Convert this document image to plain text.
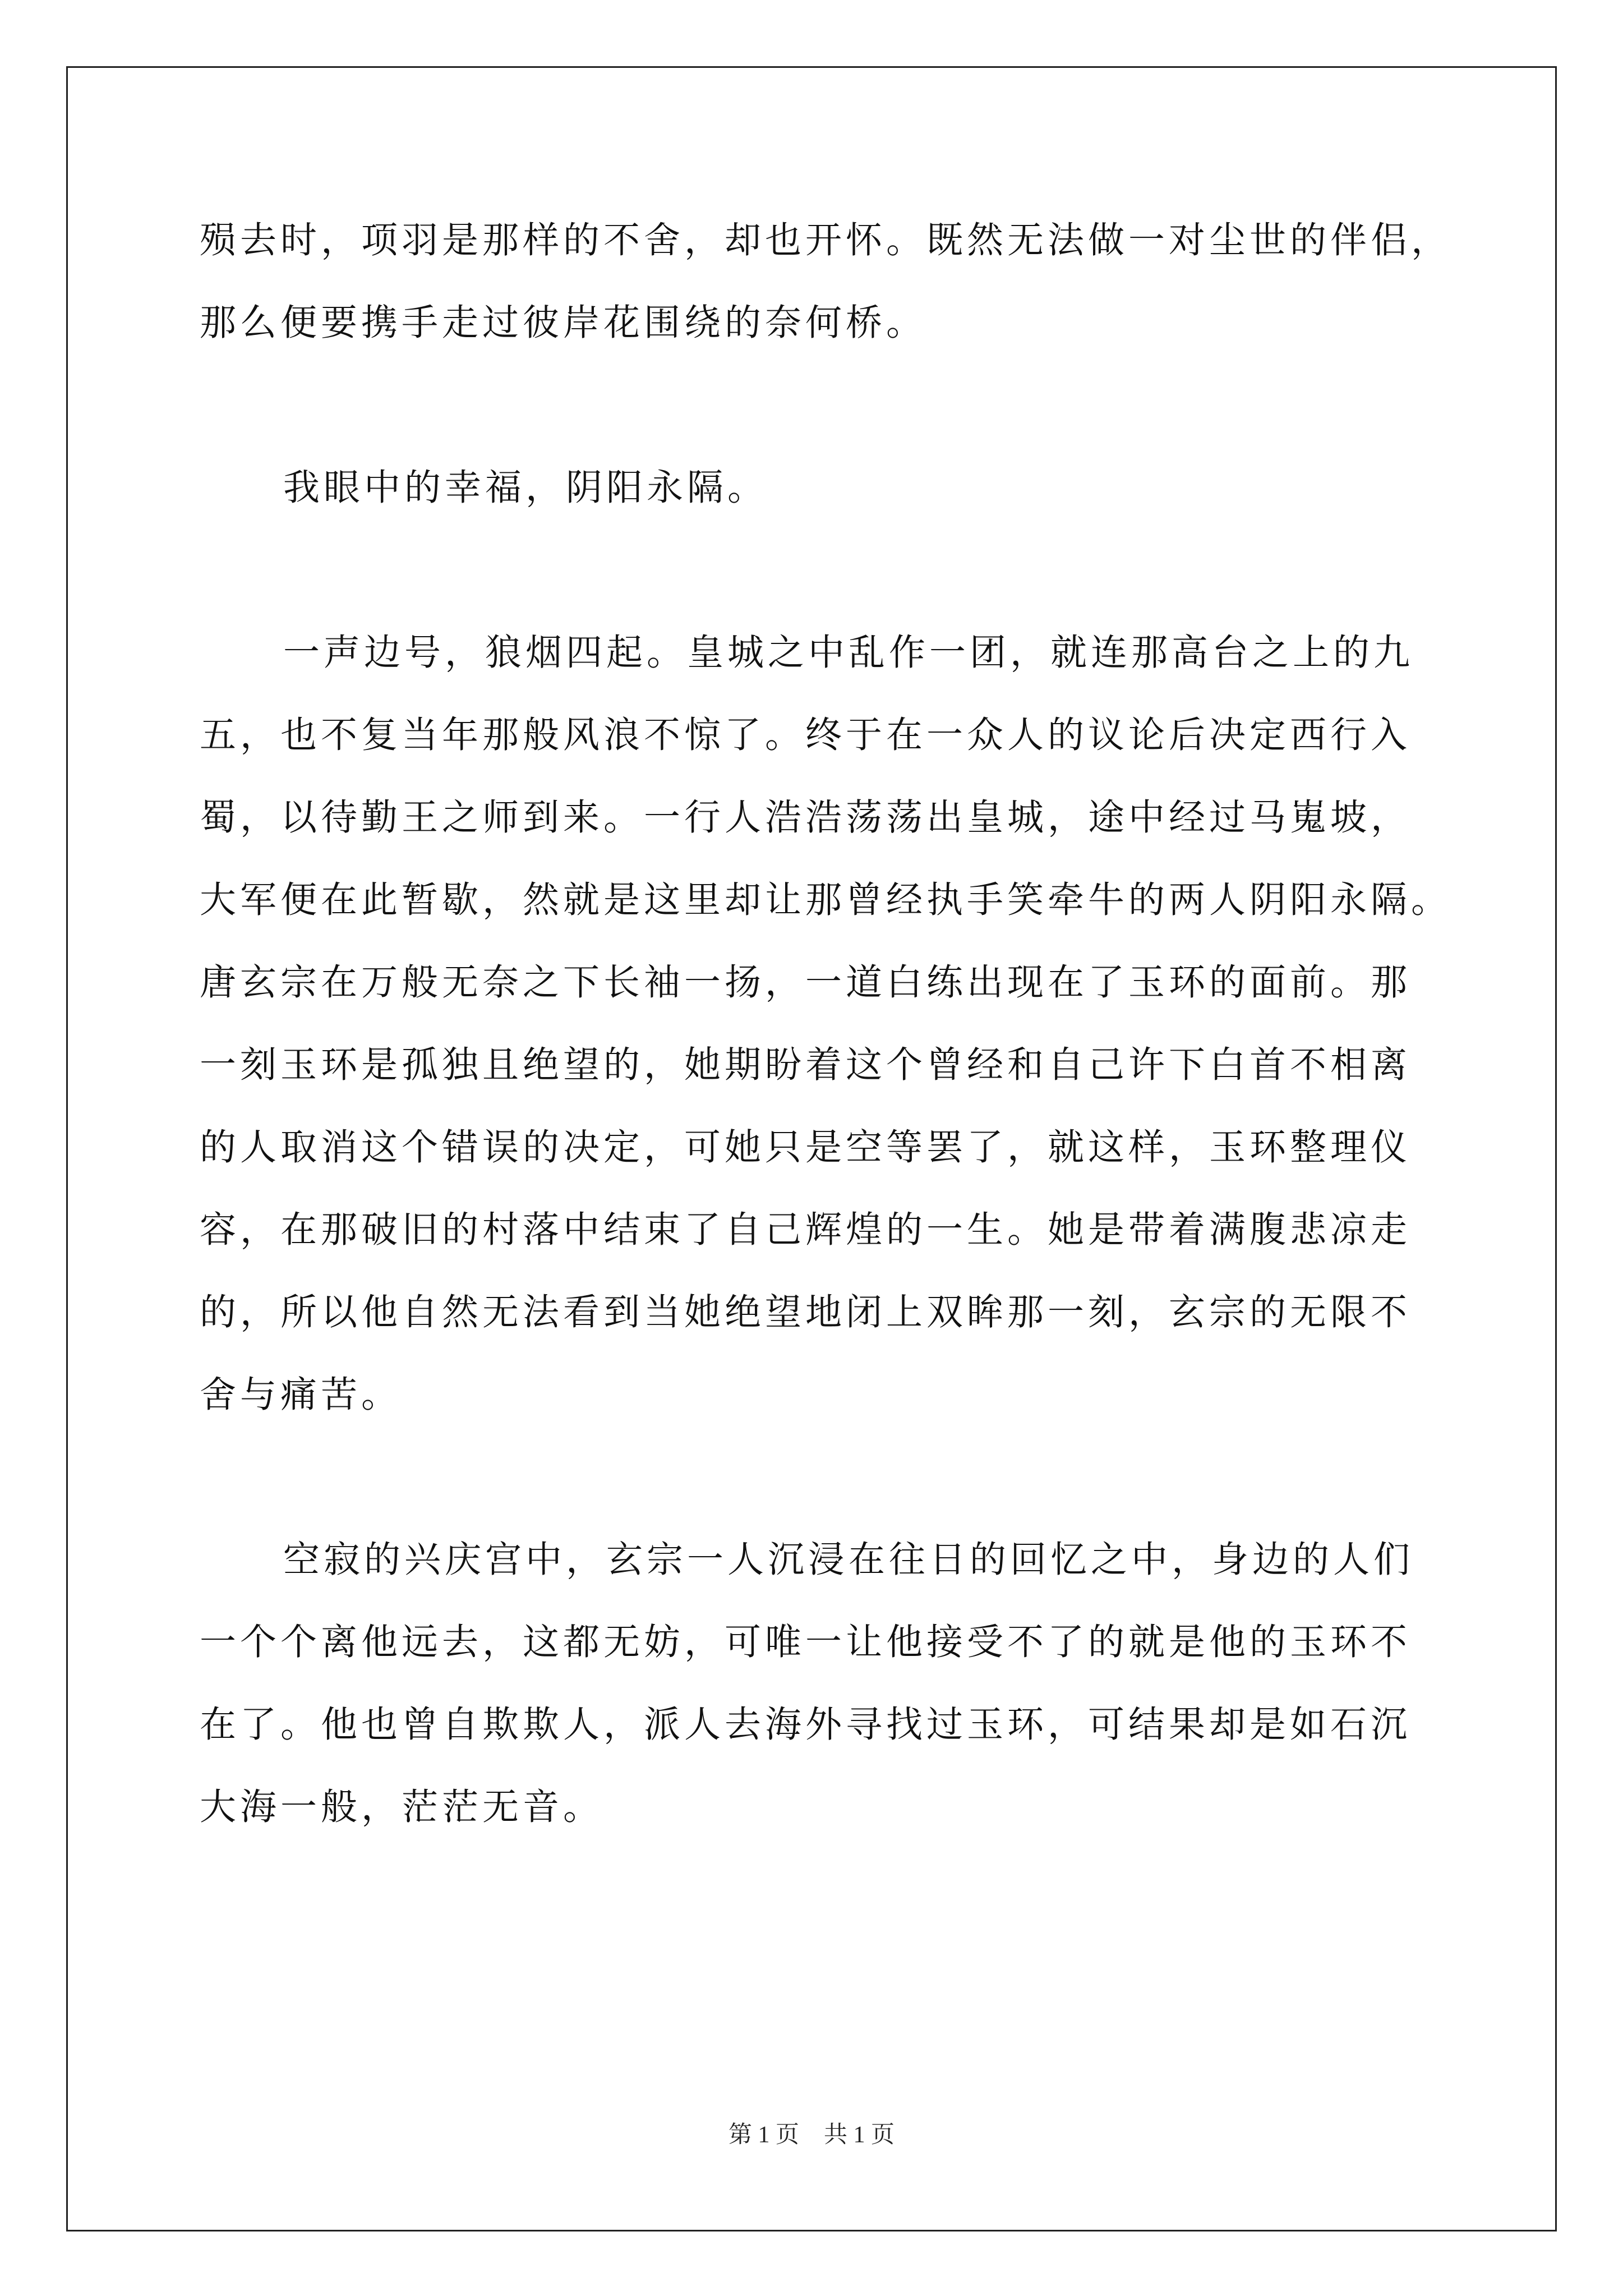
殒去时，项羽是那样的不舍，却也开怀。既然无法做一对尘世的伴侣，
那么便要携手走过彼岸花围绕的奈何桥。
我眼中的幸福，阴阳永隔。
一声边号，狼烟四起。皇城之中乱作一团，就连那高台之上的九
五，也不复当年那般风浪不惊了。终于在一众人的议论后决定西行入
蜀，以待勤王之师到来。一行人浩浩荡荡出皇城，途中经过马嵬坡，
大军便在此暂歇，然就是这里却让那曾经执手笑牵牛的两人阴阳永隔。
唐玄宗在万般无奈之下长袖一扬，一道白练出现在了玉环的面前。那
一刻玉环是孤独且绝望的，她期盼着这个曾经和自己许下白首不相离
的人取消这个错误的决定，可她只是空等罢了，就这样，玉环整理仪
容，在那破旧的村落中结束了自己辉煌的一生。她是带着满腹悲凉走
的，所以他自然无法看到当她绝望地闭上双眸那一刻，玄宗的无限不
舍与痛苦。
空寂的兴庆宫中，玄宗一人沉浸在往日的回忆之中，身边的人们
一个个离他远去，这都无妨，可唯一让他接受不了的就是他的玉环不
在了。他也曾自欺欺人，派人去海外寻找过玉环，可结果却是如石沉
大海一般，茫茫无音。
第 1 页 共 1 页
